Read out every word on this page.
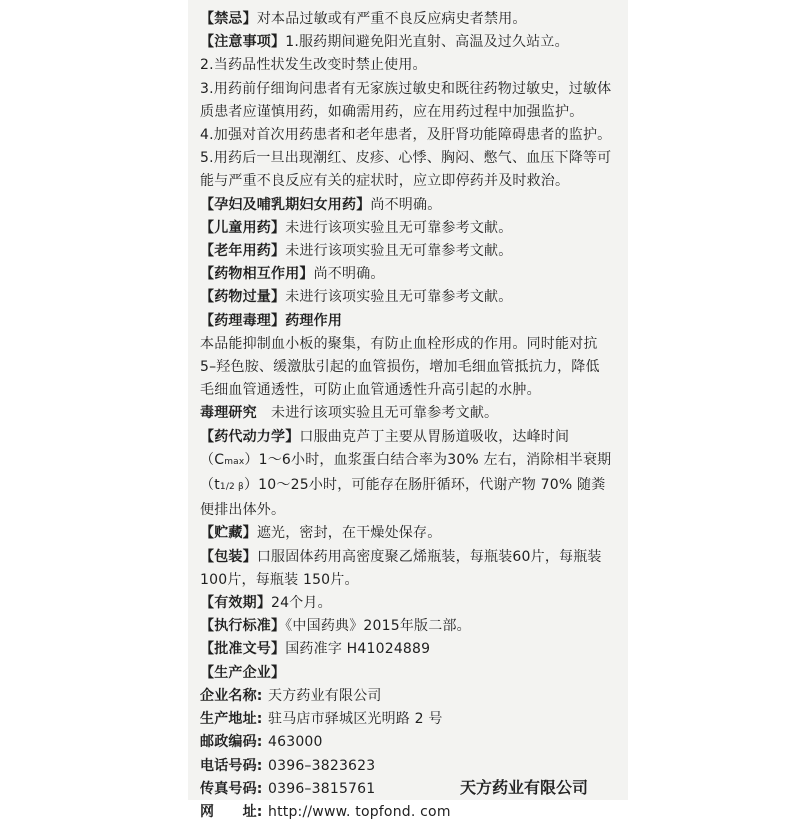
【 禁忌 】 对本品过敏或有严重不良反应病史者禁用。

【 注意事项 】 1.服药期间避免阳光直射、高温及过久站立。

2.当药品性状发生改变时禁止使用。

3.用药前仔细询问患者有无家族过敏史和既往药物过敏史，过敏体质患者应谨慎用药，如确需用药，应在用药过程中加强监护。

4.加强对首次用药患者和老年患者，及肝肾功能障碍患者的监护。

5.用药后一旦出现潮红、皮疹、心悸、胸闷、憋气、血压下降等可能与严重不良反应有关的症状时，应立即停药并及时救治。

【 孕妇及哺乳期妇女用药 】 尚不明确。

【 儿童用药 】 未进行该项实验且无可靠参考文献。

【 老年用药 】 未进行该项实验且无可靠参考文献。

【 药物相互作用 】 尚不明确。

【 药物过量 】 未进行该项实验且无可靠参考文献。

【 药理毒理 】 药理作用

本品能抑制血小板的聚集，有防止血栓形成的作用。同时能对抗5–羟色胺、缓激肽引起的血管损伤，增加毛细血管抵抗力，降低毛细血管通透性，可防止血管通透性升高引起的水肿。

毒理研究　 未进行该项实验且无可靠参考文献。

【 药代动力学 】 口服曲克芦丁主要从胃肠道吸收，达峰时间（Cmax）1～6小时，血浆蛋白结合率为30% 左右，消除相半衰期（t1/2 β）10～25小时，可能存在肠肝循环，代谢产物 70% 随粪便排出体外。

【 贮藏 】 遮光，密封，在干燥处保存。

【 包装 】 口服固体药用高密度聚乙烯瓶装，每瓶装60片，每瓶装100片，每瓶装 150片。

【 有效期 】 24个月。

【 执行标准 】 《中国药典》2015年版二部。

【 批准文号 】 国药准字 H41024889

【 生产企业 】

企业名称: 天方药业有限公司

生产地址: 驻马店市驿城区光明路 2 号

邮政编码: 463000

电话号码: 0396–3823623

传真号码: 0396–3815761

网　　址: http://www. topfond. com

天方药业有限公司
